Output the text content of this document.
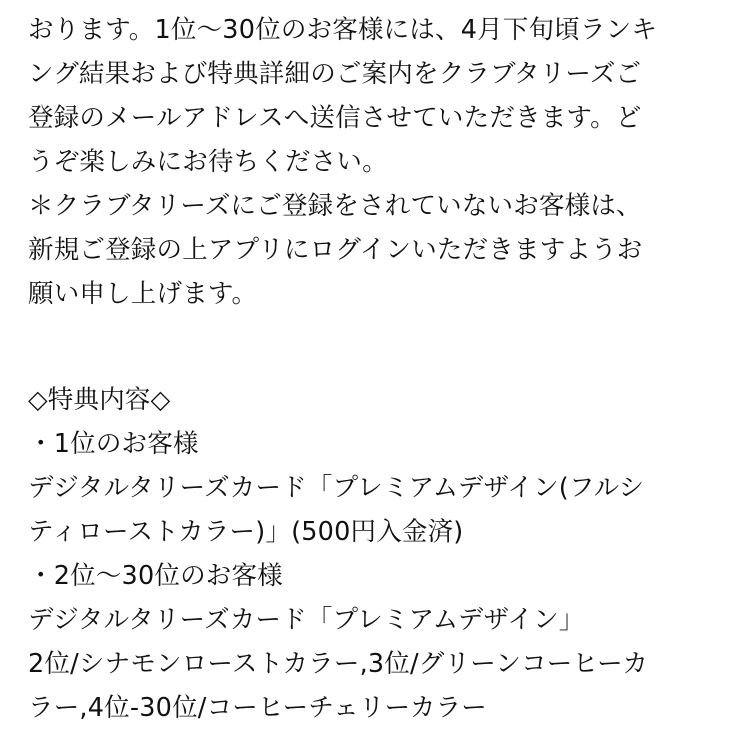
おります。1位～30位のお客様には、4月下旬頃ランキ
ング結果および特典詳細のご案内をクラブタリーズご
登録のメールアドレスへ送信させていただきます。ど
うぞ楽しみにお待ちください。
＊クラブタリーズにご登録をされていないお客様は、
新規ご登録の上アプリにログインいただきますようお
願い申し上げます。
◇特典内容◇
・1位のお客様
デジタルタリーズカード「プレミアムデザイン(フルシ
ティローストカラー)」(500円入金済)
・2位～30位のお客様
デジタルタリーズカード「プレミアムデザイン」
2位/シナモンローストカラー,3位/グリーンコーヒーカ
ラー,4位-30位/コーヒーチェリーカラー
